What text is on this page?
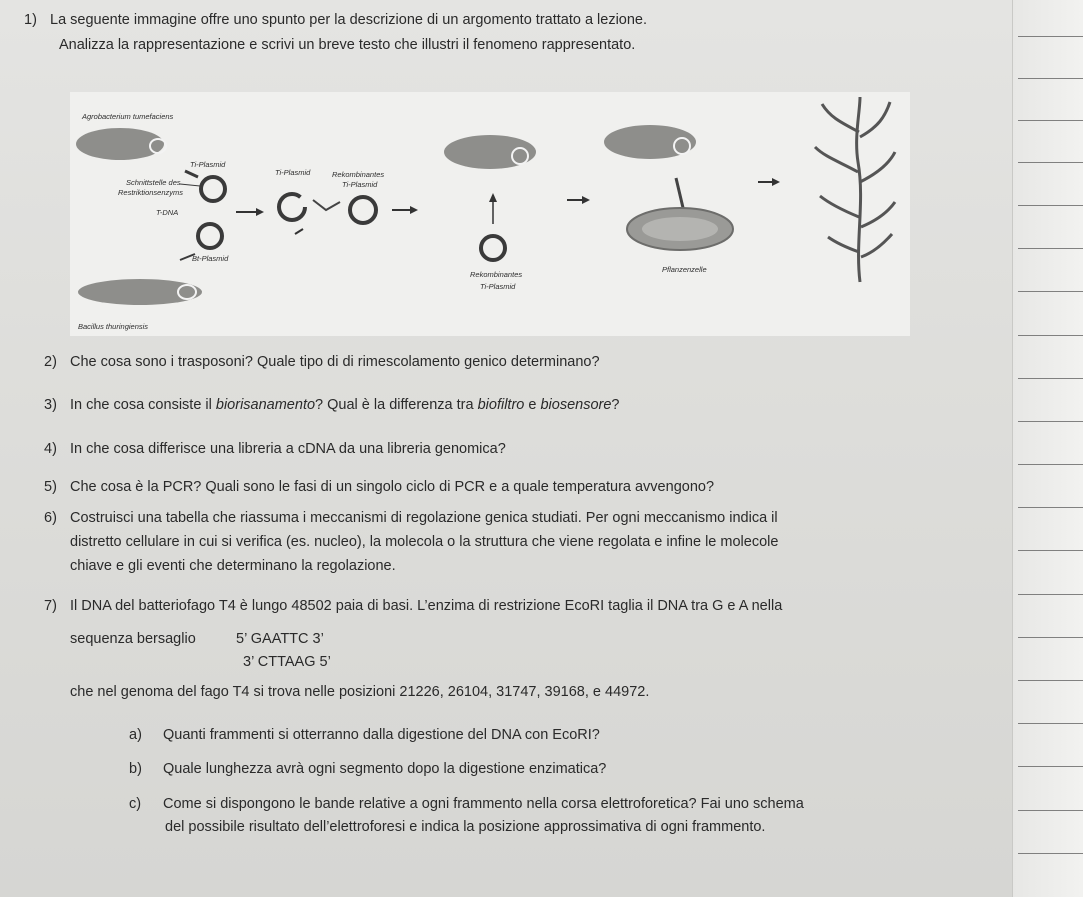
1) La seguente immagine offre uno spunto per la descrizione di un argomento trattato a lezione.
Analizza la rappresentazione e scrivi un breve testo che illustri il fenomeno rappresentato.
Agrobacterium tumefaciens
Ti-Plasmid
Schnittstelle des
Restriktionsenzyms
T-DNA
Ti-Plasmid	Rekombinantes
Ti-Plasmid
Bt-Plasmid
Bacillus thuringiensis
Rekombinantes
Ti-Plasmid
Pflanzenzelle
2) Che cosa sono i trasposoni? Quale tipo di di rimescolamento genico determinano?
3) In che cosa consiste il biorisanamento? Qual è la differenza tra biofiltro e biosensore?
4) In che cosa differisce una libreria a cDNA da una libreria genomica?
5) Che cosa è la PCR? Quali sono le fasi di un singolo ciclo di PCR e a quale temperatura avvengono?
6) Costruisci una tabella che riassuma i meccanismi di regolazione genica studiati. Per ogni meccanismo indica il
distretto cellulare in cui si verifica (es. nucleo), la molecola o la struttura che viene regolata e infine le molecole
chiave e gli eventi che determinano la regolazione.
7) Il DNA del batteriofago T4 è lungo 48502 paia di basi. L’enzima di restrizione EcoRI taglia il DNA tra G e A nella
sequenza bersaglio	5’ GAATTC 3’
3’ CTTAAG 5’
che nel genoma del fago T4 si trova nelle posizioni 21226, 26104, 31747, 39168, e 44972.
a) Quanti frammenti si otterranno dalla digestione del DNA con EcoRI?
b) Quale lunghezza avrà ogni segmento dopo la digestione enzimatica?
c) Come si dispongono le bande relative a ogni frammento nella corsa elettroforetica? Fai uno schema
del possibile risultato dell’elettroforesi e indica la posizione approssimativa di ogni frammento.
